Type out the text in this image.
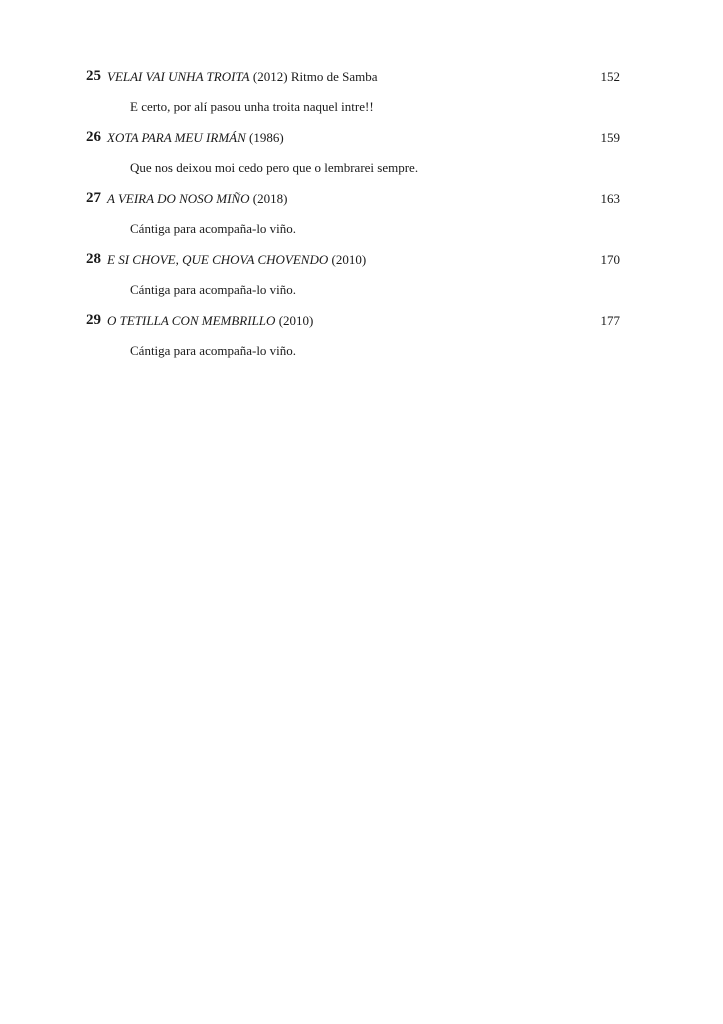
25 VELAI VAI UNHA TROITA (2012) Ritmo de Samba	152
E certo, por alí pasou unha troita naquel intre!!
26 XOTA PARA MEU IRMÁN (1986)	159
Que nos deixou moi cedo pero que o lembrarei sempre.
27 A VEIRA DO NOSO MIÑO (2018)	163
Cántiga para acompaña-lo viño.
28 E SI CHOVE, QUE CHOVA CHOVENDO (2010)	170
Cántiga para acompaña-lo viño.
29 O TETILLA CON MEMBRILLO (2010)	177
Cántiga para acompaña-lo viño.
